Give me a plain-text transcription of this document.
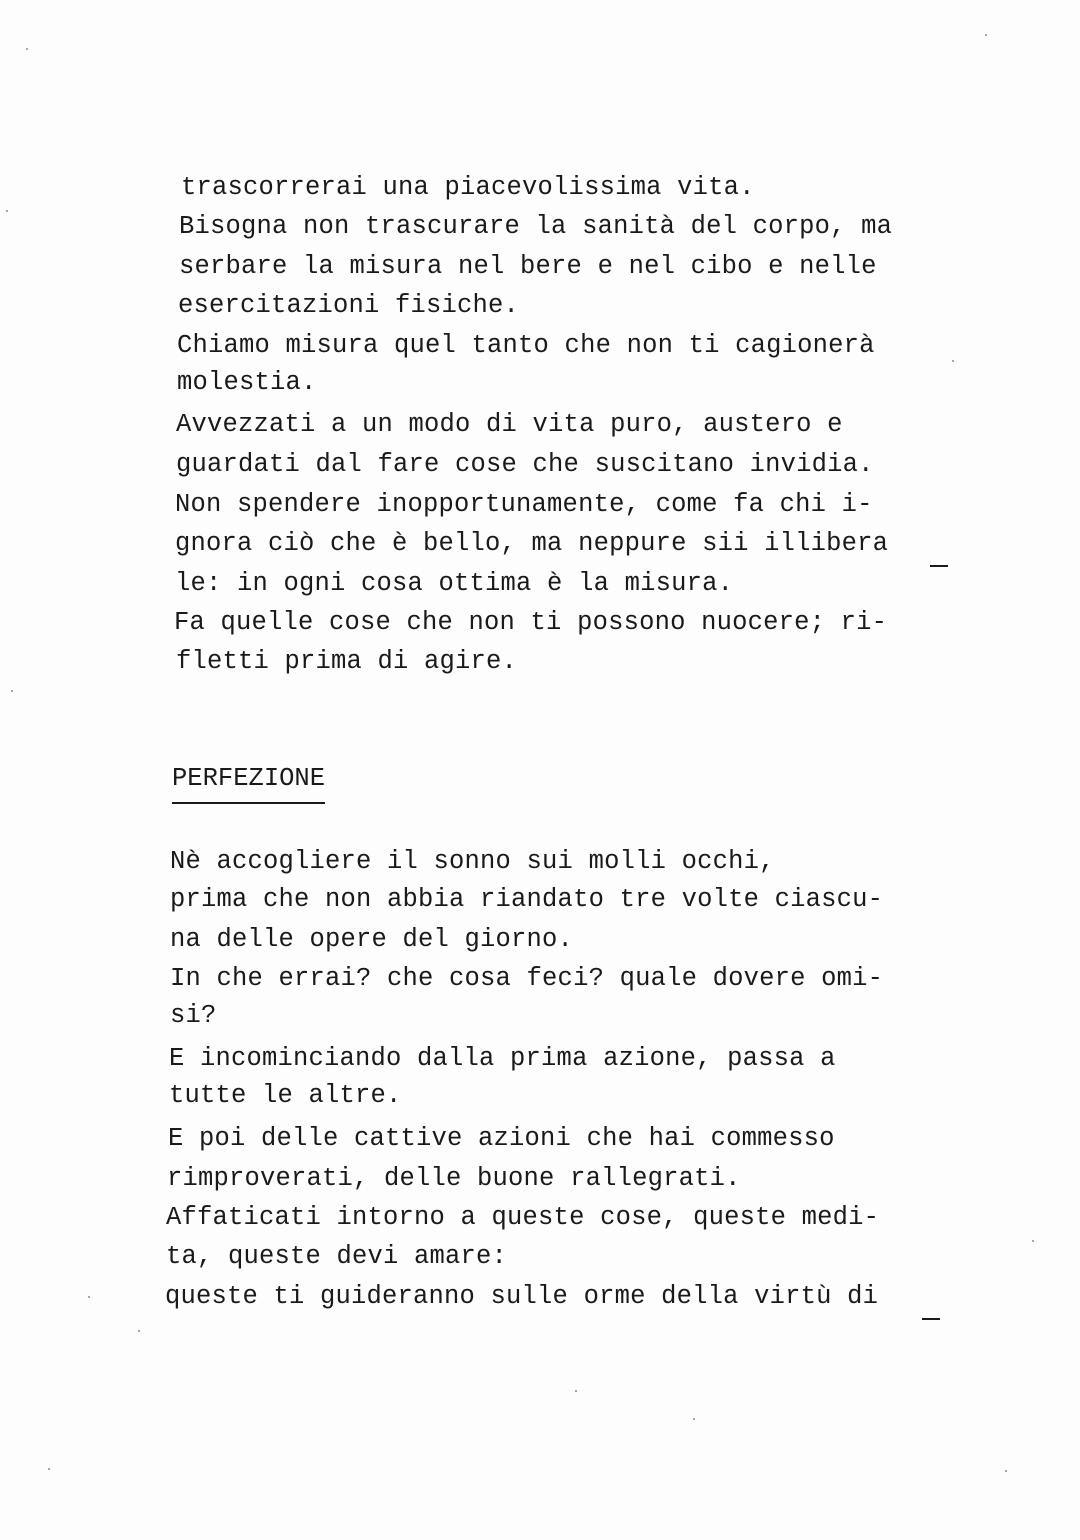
trascorrerai una piacevolissima vita.
Bisogna non trascurare la sanità del corpo, ma
serbare la misura nel bere e nel cibo e nelle
esercitazioni fisiche.
Chiamo misura quel tanto che non ti cagionerà
molestia.
Avvezzati a un modo di vita puro, austero e
guardati dal fare cose che suscitano invidia.
Non spendere inopportunamente, come fa chi i-
gnora ciò che è bello, ma neppure sii illibera
le: in ogni cosa ottima è la misura.
Fa quelle cose che non ti possono nuocere; ri-
fletti prima di agire.
PERFEZIONE
Nè accogliere il sonno sui molli occhi,
prima che non abbia riandato tre volte ciascu-
na delle opere del giorno.
In che errai? che cosa feci? quale dovere omi-
si?
E incominciando dalla prima azione, passa a
tutte le altre.
E poi delle cattive azioni che hai commesso
rimproverati, delle buone rallegrati.
Affaticati intorno a queste cose, queste medi-
ta, queste devi amare:
queste ti guideranno sulle orme della virtù di
